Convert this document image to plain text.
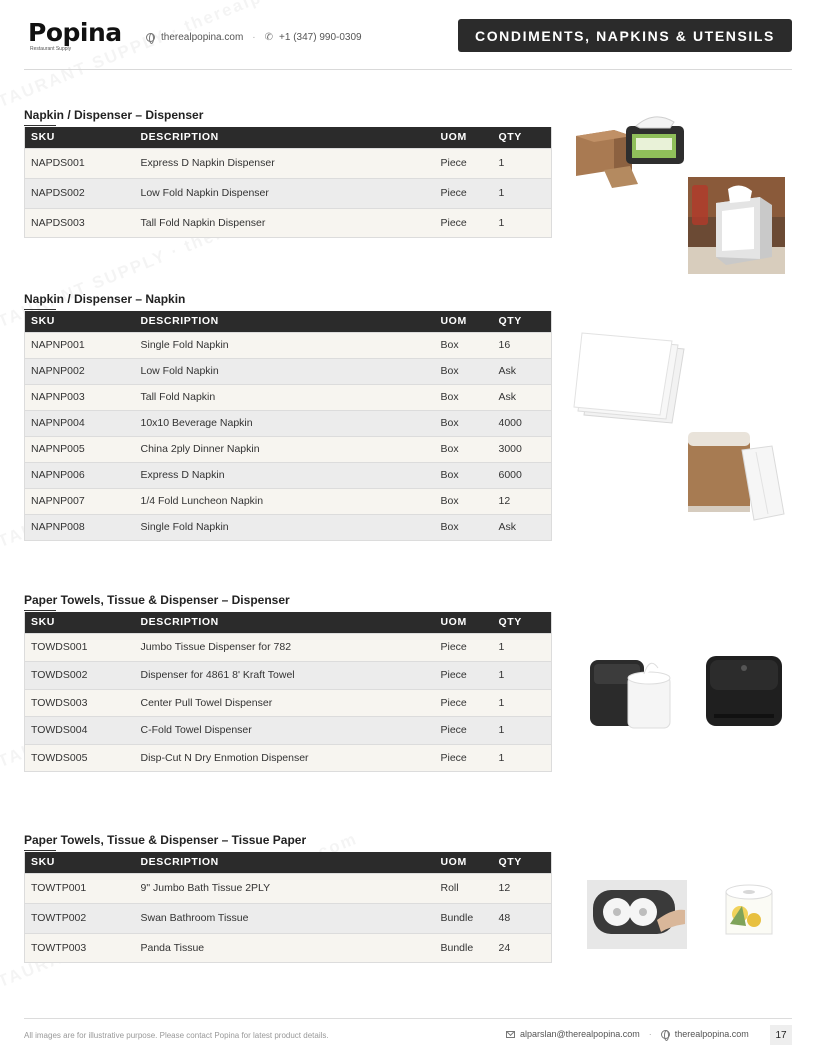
Popina
Restaurant Supply
therealpopina.com · ✆ +1 (347) 990-0309	CONDIMENTS, NAPKINS & UTENSILS
Napkin / Dispenser – Dispenser
SKU	DESCRIPTION	UOM	QTY
NAPDS001	Express D Napkin Dispenser	Piece	1
NAPDS002	Low Fold Napkin Dispenser	Piece	1
NAPDS003	Tall Fold Napkin Dispenser	Piece	1
Napkin / Dispenser – Napkin
SKU	DESCRIPTION	UOM	QTY
NAPNP001	Single Fold Napkin	Box	16
NAPNP002	Low Fold Napkin	Box	Ask
NAPNP003	Tall Fold Napkin	Box	Ask
NAPNP004	10x10 Beverage Napkin	Box	4000
NAPNP005	China 2ply Dinner Napkin	Box	3000
NAPNP006	Express D Napkin	Box	6000
NAPNP007	1/4 Fold Luncheon Napkin	Box	12
NAPNP008	Single Fold Napkin	Box	Ask
Paper Towels, Tissue & Dispenser – Dispenser
SKU	DESCRIPTION	UOM	QTY
TOWDS001	Jumbo Tissue Dispenser for 782	Piece	1
TOWDS002	Dispenser for 4861 8' Kraft Towel	Piece	1
TOWDS003	Center Pull Towel Dispenser	Piece	1
TOWDS004	C-Fold Towel Dispenser	Piece	1
TOWDS005	Disp-Cut N Dry Enmotion Dispenser	Piece	1
Paper Towels, Tissue & Dispenser – Tissue Paper
SKU	DESCRIPTION	UOM	QTY
TOWTP001	9" Jumbo Bath Tissue 2PLY	Roll	12
TOWTP002	Swan Bathroom Tissue	Bundle	48
TOWTP003	Panda Tissue	Bundle	24
All images are for illustrative purpose. Please contact Popina for latest product details.	alparslan@therealpopina.com ·	therealpopina.com	17
